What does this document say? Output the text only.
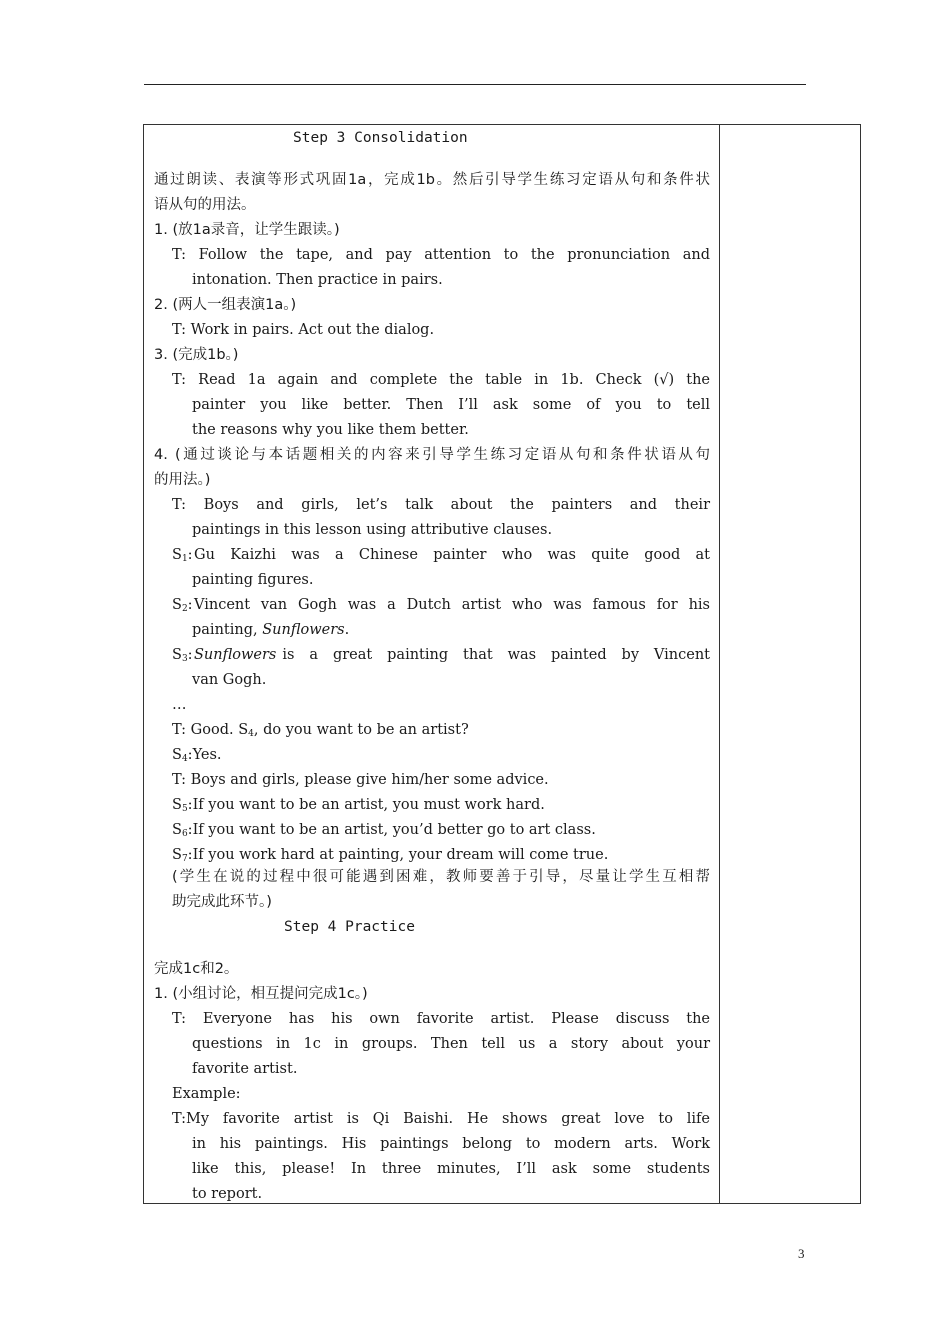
Step 3 Consolidation
通过朗读、表演等形式巩固1a，完成1b。然后引导学生练习定语从句和条件状
语从句的用法。
1. (放1a录音，让学生跟读。)
T: Follow the tape, and pay attention to the pronunciation and
intonation. Then practice in pairs.
2. (两人一组表演1a。)
T: Work in pairs. Act out the dialog.
3. (完成1b。)
T: Read 1a again and complete the table in 1b. Check (√) the
painter you like better. Then I’ll ask some of you to tell
the reasons why you like them better.
4. (通过谈论与本话题相关的内容来引导学生练习定语从句和条件状语从句
的用法。)
T: Boys and girls, let’s talk about the painters and their
paintings in this lesson using attributive clauses.
$S_1$: Gu Kaizhi was a Chinese painter who was quite good at
painting figures.
$S_2$: Vincent van Gogh was a Dutch artist who was famous for his
painting, Sunflowers.
$S_3$: Sunflowers is a great painting that was painted by Vincent
van Gogh.
…
T: Good. $S_4$, do you want to be an artist?
$S_4:Yes$.
T: Boys and girls, please give him/her some advice.
$S_5:If$ you want to be an artist, you must work hard.
$S_6:If$ you want to be an artist, you’d better go to art class.
$S_7:If$ you work hard at painting, your dream will come true.
(学生在说的过程中很可能遇到困难，教师要善于引导，尽量让学生互相帮
助完成此环节。)
Step 4 Practice
完成1c和2。
1. (小组讨论，相互提问完成1c。)
T: Everyone has his own favorite artist. Please discuss the
questions in 1c in groups. Then tell us a story about your
favorite artist.
Example:
T:My favorite artist is Qi Baishi. He shows great love to life
in his paintings. His paintings belong to modern arts. Work
like this, please! In three minutes, I’ll ask some students
to report.
3
